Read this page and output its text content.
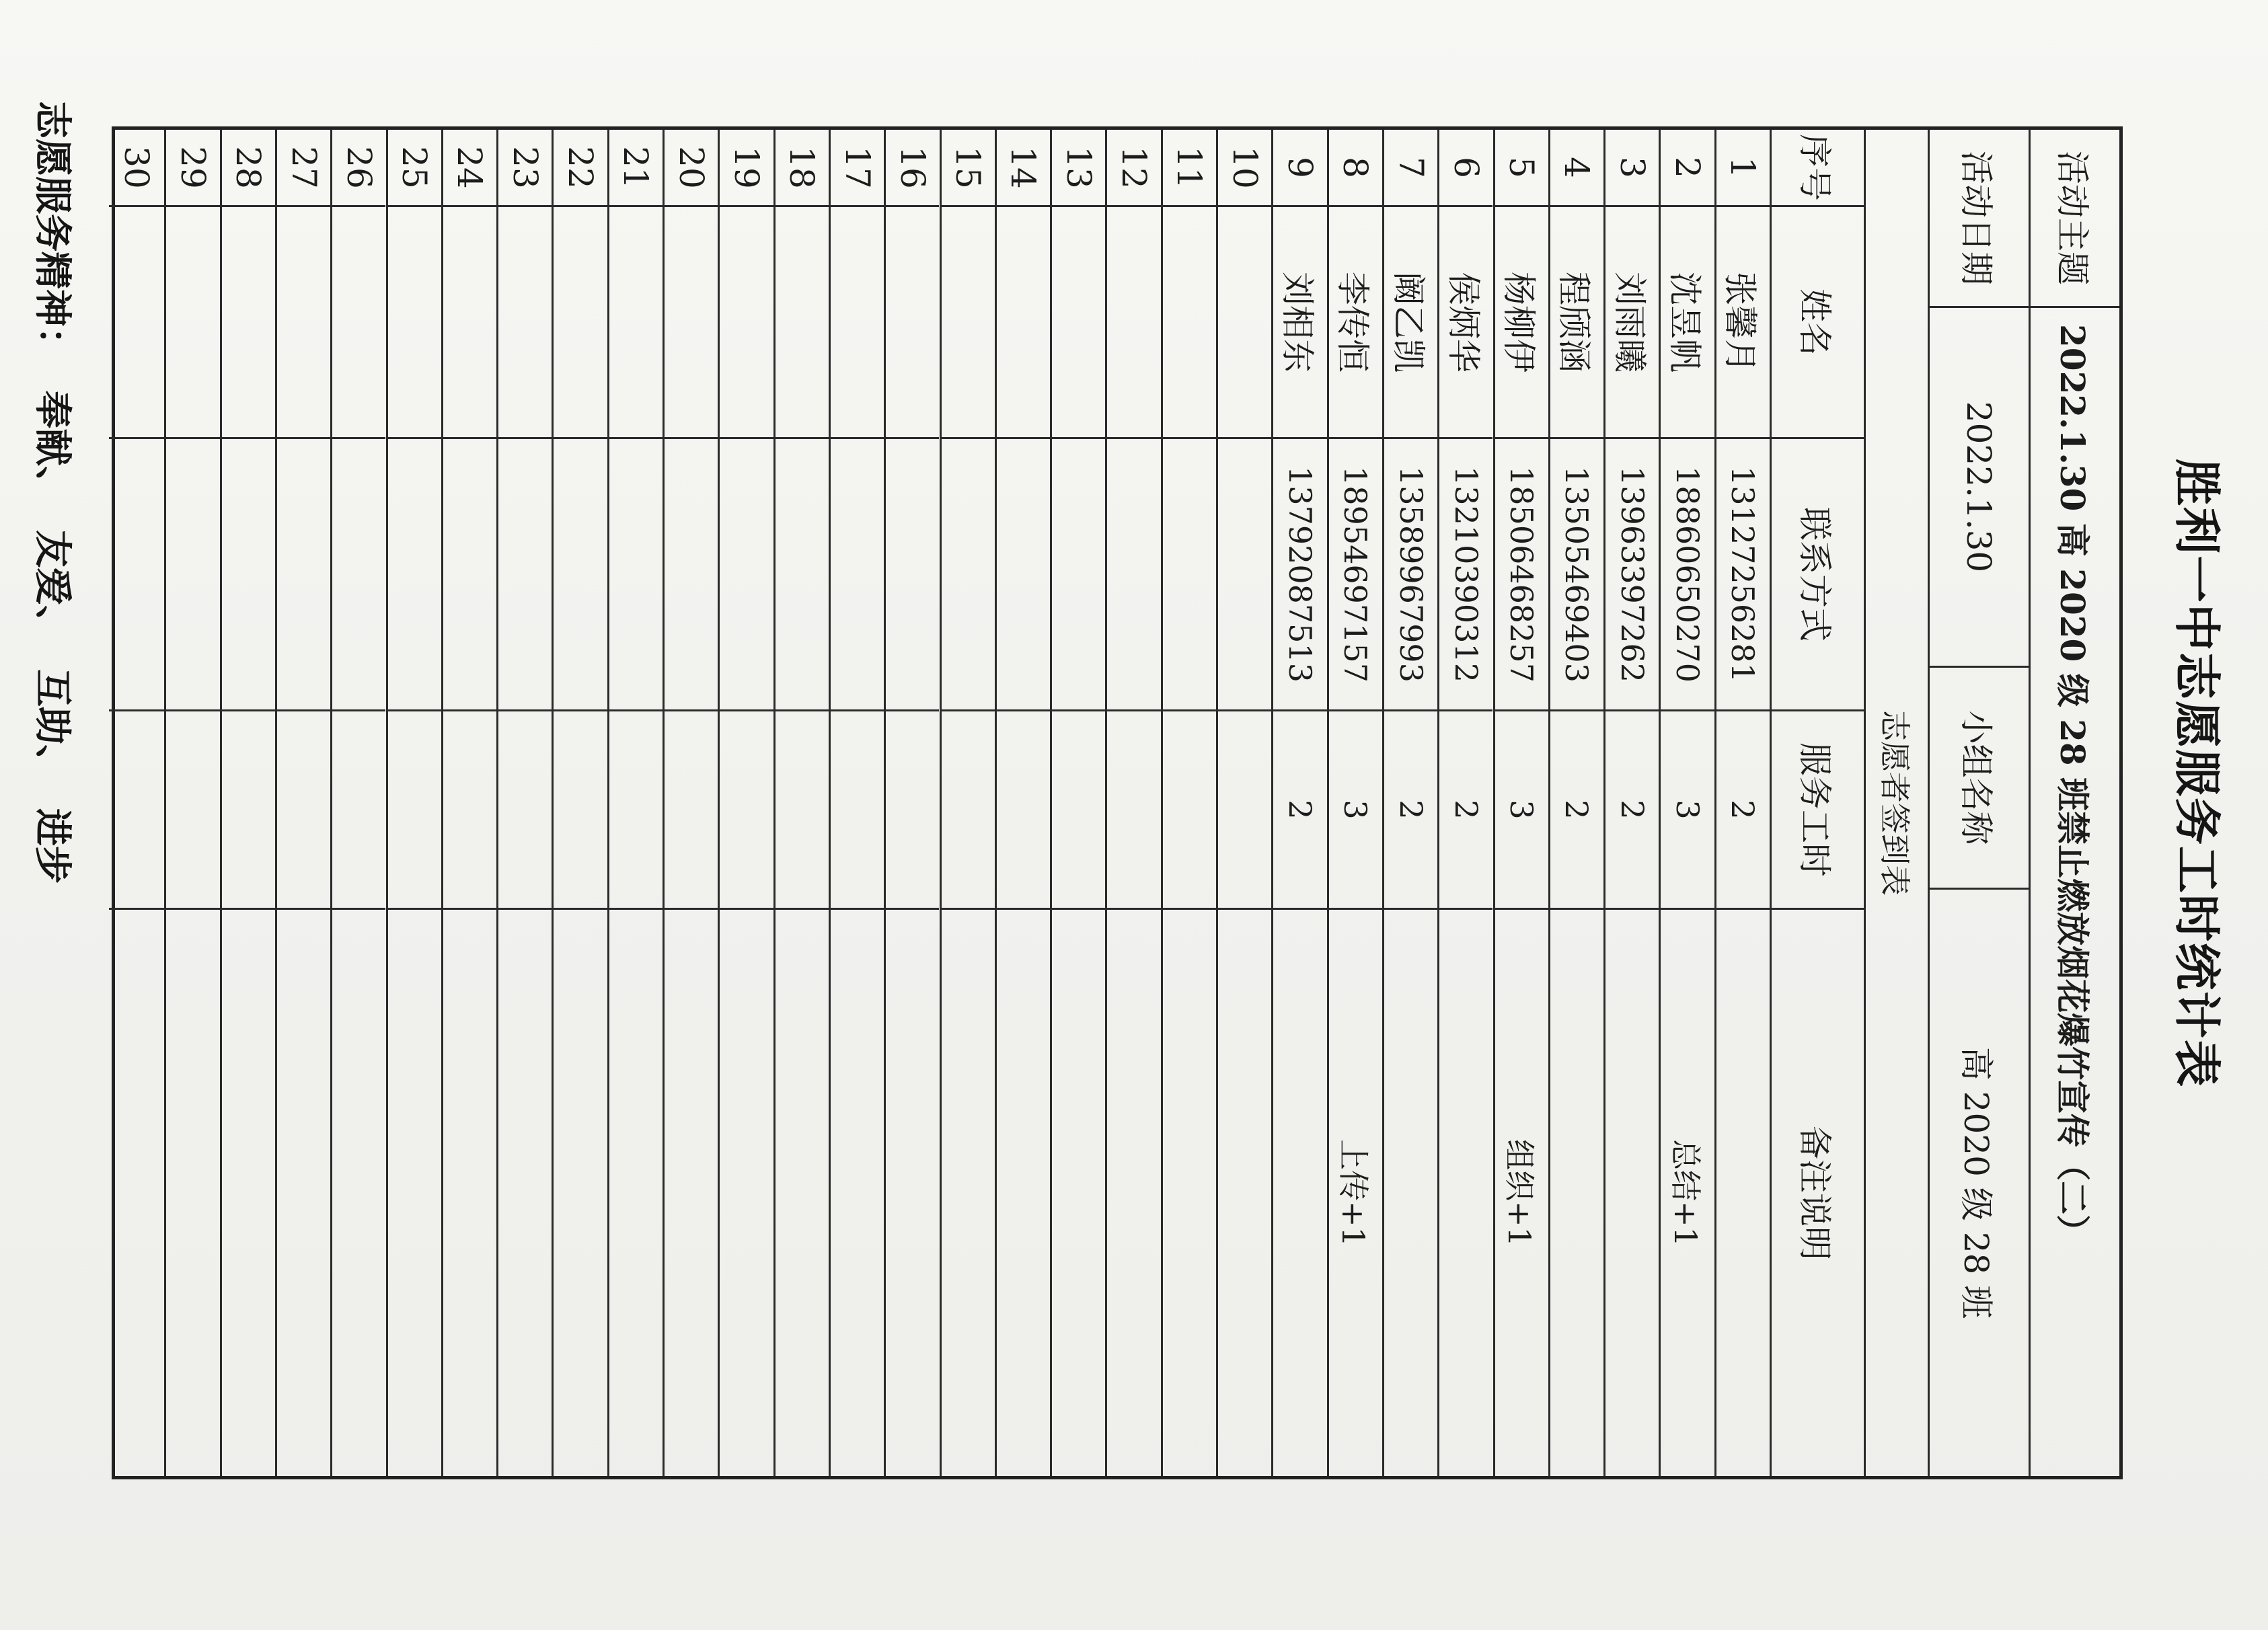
胜利一中志愿服务工时统计表
活动主题
2022.1.30 高 2020 级 28 班禁止燃放烟花爆竹宣传（二）
活动日期
2022.1.30
小组名称
高 2020 级 28 班
志愿者签到表
序号
姓名
联系方式
服务工时
备注说明
1
张馨月
13127256281
2
2
沈昱帆
18860650270
3
总结+1
3
刘雨曦
13963397262
2
4
程颀涵
13505469403
2
5
杨柳伊
18506468257
3
组织+1
6
侯炳华
13210390312
2
7
阚乙凯
13589967993
2
8
李传恒
18954697157
3
上传+1
9
刘相东
13792087513
2
10
11
12
13
14
15
16
17
18
19
20
21
22
23
24
25
26
27
28
29
30
志愿服务精神：  奉献、  友爱、  互助、  进步
